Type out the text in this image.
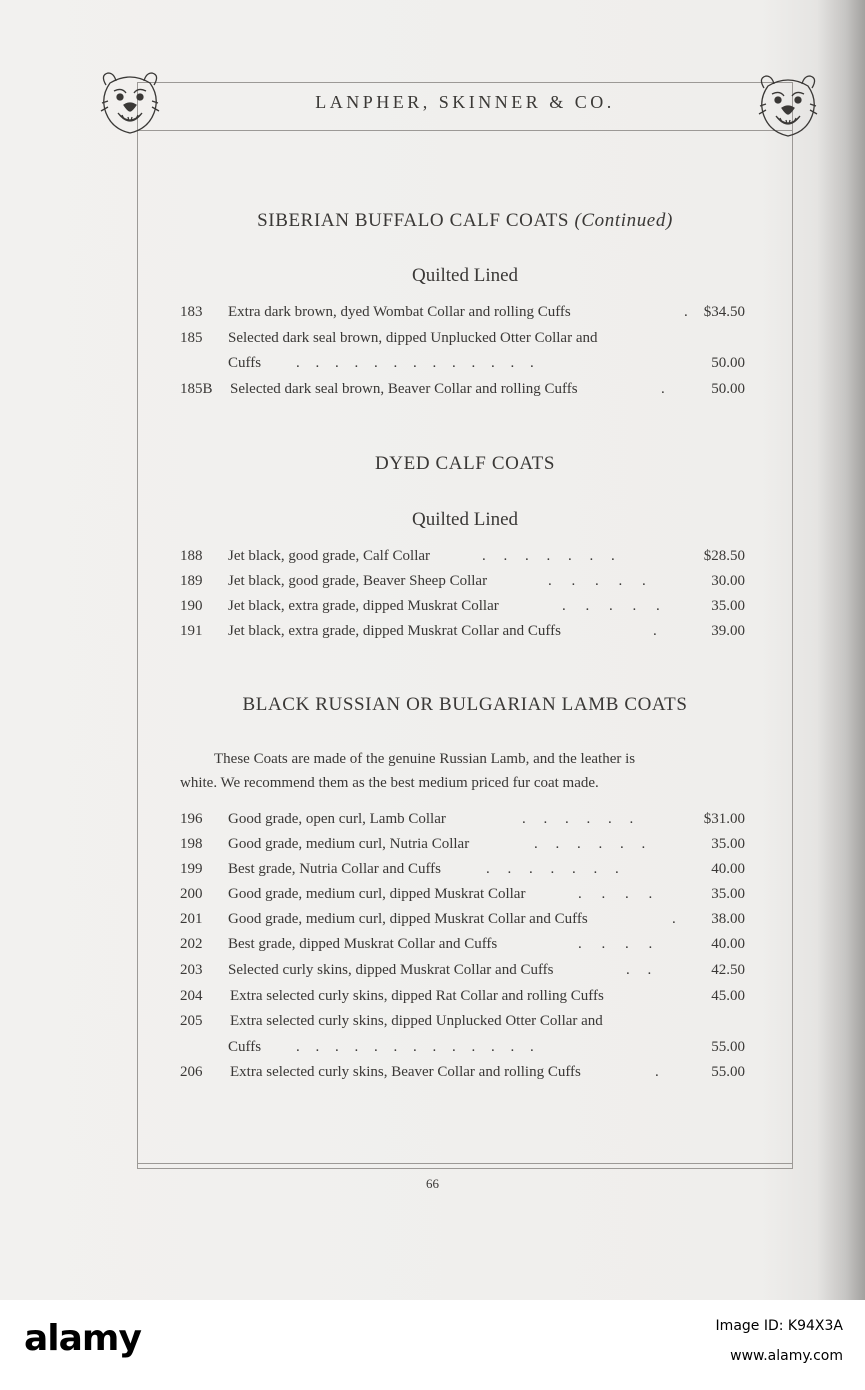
LANPHER, SKINNER & CO.
SIBERIAN BUFFALO CALF COATS (Continued)
Quilted Lined
183	Extra dark brown, dyed Wombat Collar and rolling Cuffs	. $34.50
185	Selected dark seal brown, dipped Unplucked Otter Collar and
Cuffs . . . . . . . . . . . . .	50.00
185B	Selected dark seal brown, Beaver Collar and rolling Cuffs	.	50.00
DYED CALF COATS
Quilted Lined
188	Jet black, good grade, Calf Collar	. . . . . . .	$28.50
189	Jet black, good grade, Beaver Sheep Collar	. . . . .	30.00
190	Jet black, extra grade, dipped Muskrat Collar	. . . . .	35.00
191	Jet black, extra grade, dipped Muskrat Collar and Cuffs	.	39.00
BLACK RUSSIAN OR BULGARIAN LAMB COATS
These Coats are made of the genuine Russian Lamb, and the leather is
white. We recommend them as the best medium priced fur coat made.
196	Good grade, open curl, Lamb Collar	. . . . . .	$31.00
198	Good grade, medium curl, Nutria Collar	. . . . . .	35.00
199	Best grade, Nutria Collar and Cuffs	. . . . . . .	40.00
200	Good grade, medium curl, dipped Muskrat Collar	. . . .	35.00
201	Good grade, medium curl, dipped Muskrat Collar and Cuffs	. 38.00
202	Best grade, dipped Muskrat Collar and Cuffs	. . . .	40.00
203	Selected curly skins, dipped Muskrat Collar and Cuffs	. .	42.50
204	Extra selected curly skins, dipped Rat Collar and rolling Cuffs	45.00
205	Extra selected curly skins, dipped Unplucked Otter Collar and
Cuffs . . . . . . . . . . . . .	55.00
206	Extra selected curly skins, Beaver Collar and rolling Cuffs	.	55.00
66
alamy	Image ID: K94X3A
www.alamy.com
